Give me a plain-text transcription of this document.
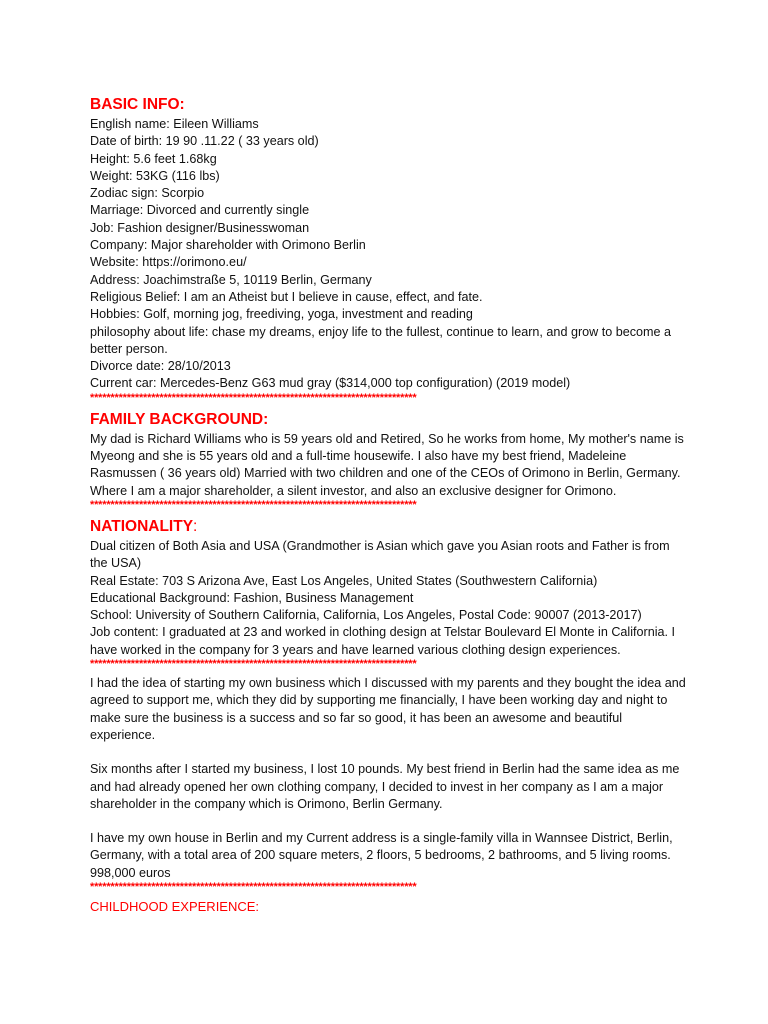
BASIC INFO:

English name: Eileen Williams

Date of birth: 19 90 .11.22 ( 33 years old)

Height: 5.6 feet 1.68kg

Weight: 53KG (116 lbs)

Zodiac sign: Scorpio

Marriage: Divorced and currently single

Job: Fashion designer/Businesswoman

Company: Major shareholder with Orimono Berlin

Website: https://orimono.eu/

Address: Joachimstraße 5, 10119 Berlin, Germany

Religious Belief: I am an Atheist but I believe in cause, effect, and fate.

Hobbies: Golf, morning jog, freediving, yoga, investment and reading

philosophy about life: chase my dreams, enjoy life to the fullest, continue to learn, and grow to become a better person.

Divorce date: 28/10/2013

Current car: Mercedes-Benz G63 mud gray ($314,000 top configuration) (2019 model)

********************************************************************************
FAMILY BACKGROUND:

My dad is Richard Williams who is 59 years old and Retired, So he works from home, My mother's name is Myeong and she is 55 years old and a full-time housewife. I also have my best friend, Madeleine Rasmussen ( 36 years old) Married with two children and one of the CEOs of Orimono in Berlin, Germany. Where I am a major shareholder, a silent investor, and also an exclusive designer for Orimono.

********************************************************************************
NATIONALITY:

Dual citizen of Both Asia and USA (Grandmother is Asian which gave you Asian roots and Father is from the USA)

Real Estate: 703 S Arizona Ave, East Los Angeles, United States (Southwestern California)

Educational Background: Fashion, Business Management

School: University of Southern California, California, Los Angeles, Postal Code: 90007 (2013-2017)

Job content: I graduated at 23 and worked in clothing design at Telstar Boulevard El Monte in California. I have worked in the company for 3 years and have learned various clothing design experiences.

********************************************************************************

I had the idea of starting my own business which I discussed with my parents and they bought the idea and agreed to support me, which they did by supporting me financially, I have been working day and night to make sure the business is a success and so far so good, it has been an awesome and beautiful experience.

Six months after I started my business, I lost 10 pounds. My best friend in Berlin had the same idea as me and had already opened her own clothing company, I decided to invest in her company as I am a major shareholder in the company which is Orimono, Berlin Germany.

I have my own house in Berlin and my Current address is a single-family villa in Wannsee District, Berlin, Germany, with a total area of 200 square meters, 2 floors, 5 bedrooms, 2 bathrooms, and 5 living rooms. 998,000 euros

********************************************************************************
CHILDHOOD EXPERIENCE:
